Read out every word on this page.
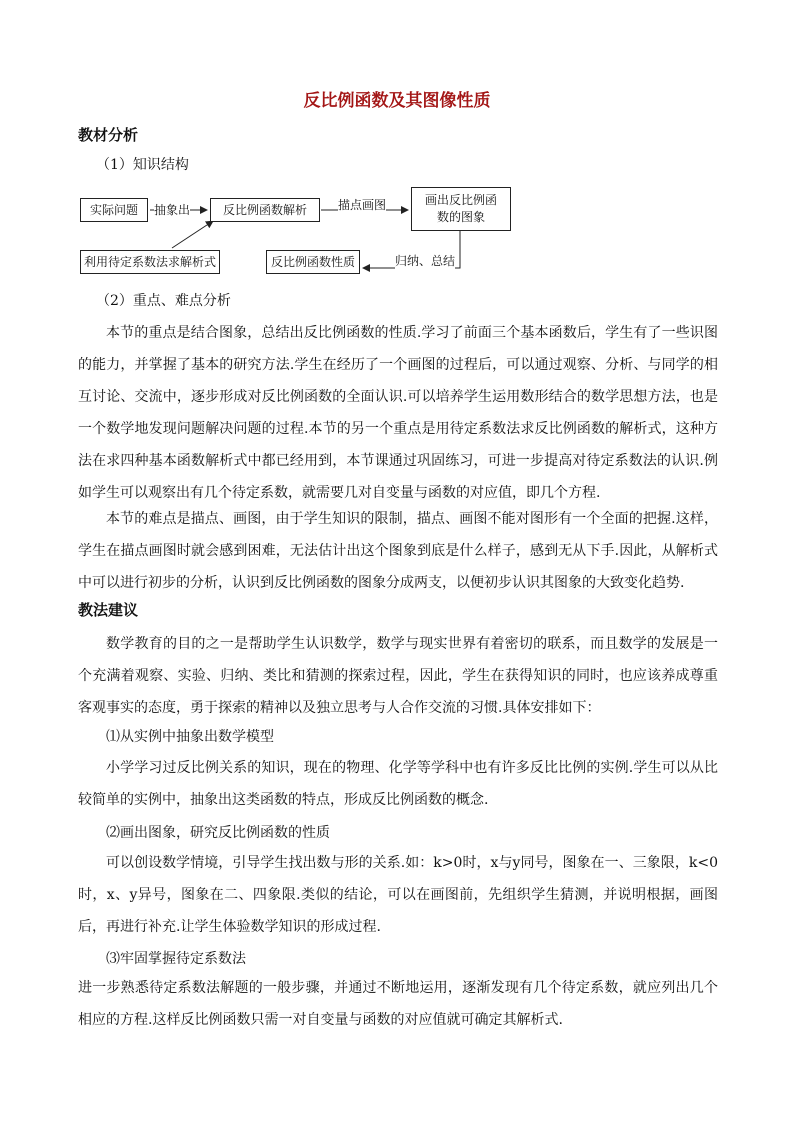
反比例函数及其图像性质
教材分析
（1）知识结构
实际问题	反比例函数解析
画出反比例函数的图象
利用待定系数法求解析式	反比例函数性质
抽象出	描点画图
归纳、总结
（2）重点、难点分析

本节的重点是结合图象，总结出反比例函数的性质.学习了前面三个基本函数后，学生有了一些识图的能力，并掌握了基本的研究方法.学生在经历了一个画图的过程后，可以通过观察、分析、与同学的相互讨论、交流中，逐步形成对反比例函数的全面认识.可以培养学生运用数形结合的数学思想方法，也是一个数学地发现问题解决问题的过程.本节的另一个重点是用待定系数法求反比例函数的解析式，这种方法在求四种基本函数解析式中都已经用到，本节课通过巩固练习，可进一步提高对待定系数法的认识.例如学生可以观察出有几个待定系数，就需要几对自变量与函数的对应值，即几个方程.

本节的难点是描点、画图，由于学生知识的限制，描点、画图不能对图形有一个全面的把握.这样，学生在描点画图时就会感到困难，无法估计出这个图象到底是什么样子，感到无从下手.因此，从解析式中可以进行初步的分析，认识到反比例函数的图象分成两支，以便初步认识其图象的大致变化趋势.

教法建议

数学教育的目的之一是帮助学生认识数学，数学与现实世界有着密切的联系，而且数学的发展是一个充满着观察、实验、归纳、类比和猜测的探索过程，因此，学生在获得知识的同时，也应该养成尊重客观事实的态度，勇于探索的精神以及独立思考与人合作交流的习惯.具体安排如下：

⑴从实例中抽象出数学模型

小学学习过反比例关系的知识，现在的物理、化学等学科中也有许多反比比例的实例.学生可以从比较简单的实例中，抽象出这类函数的特点，形成反比例函数的概念.

⑵画出图象，研究反比例函数的性质

可以创设数学情境，引导学生找出数与形的关系.如：k>0时，x与y同号，图象在一、三象限，k<0时，x、y异号，图象在二、四象限.类似的结论，可以在画图前，先组织学生猜测，并说明根据，画图后，再进行补充.让学生体验数学知识的形成过程.

⑶牢固掌握待定系数法

进一步熟悉待定系数法解题的一般步骤，并通过不断地运用，逐渐发现有几个待定系数，就应列出几个相应的方程.这样反比例函数只需一对自变量与函数的对应值就可确定其解析式.
